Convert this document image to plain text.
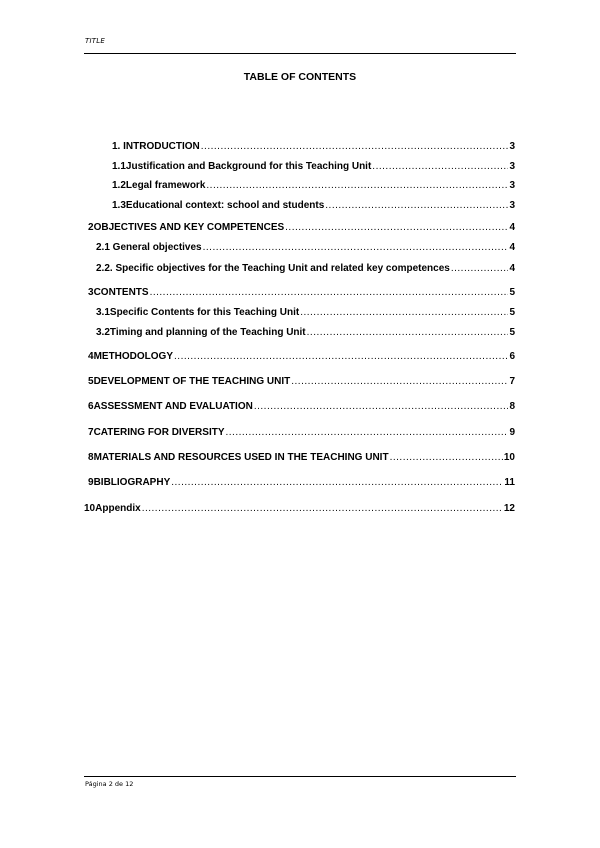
TITLE
TABLE OF CONTENTS
1. INTRODUCTION .....	3
1.1 Justification and Background for this Teaching Unit .....	3
1.2 Legal framework .....	3
1.3 Educational context: school and students .....	3
2 OBJECTIVES AND KEY COMPETENCES .....	4
2.1 General objectives .....	4
2.2. Specific objectives for the Teaching Unit and related key competences .....	4
3 CONTENTS .....	5
3.1 Specific Contents for this Teaching Unit .....	5
3.2 Timing and planning of the Teaching Unit .....	5
4 METHODOLOGY .....	6
5 DEVELOPMENT OF THE TEACHING UNIT .....	7
6 ASSESSMENT AND EVALUATION .....	8
7 CATERING FOR DIVERSITY .....	9
8 MATERIALS AND RESOURCES USED IN THE TEACHING UNIT .....	10
9 BIBLIOGRAPHY .....	11
10 Appendix .....	12
Página 2 de 12
